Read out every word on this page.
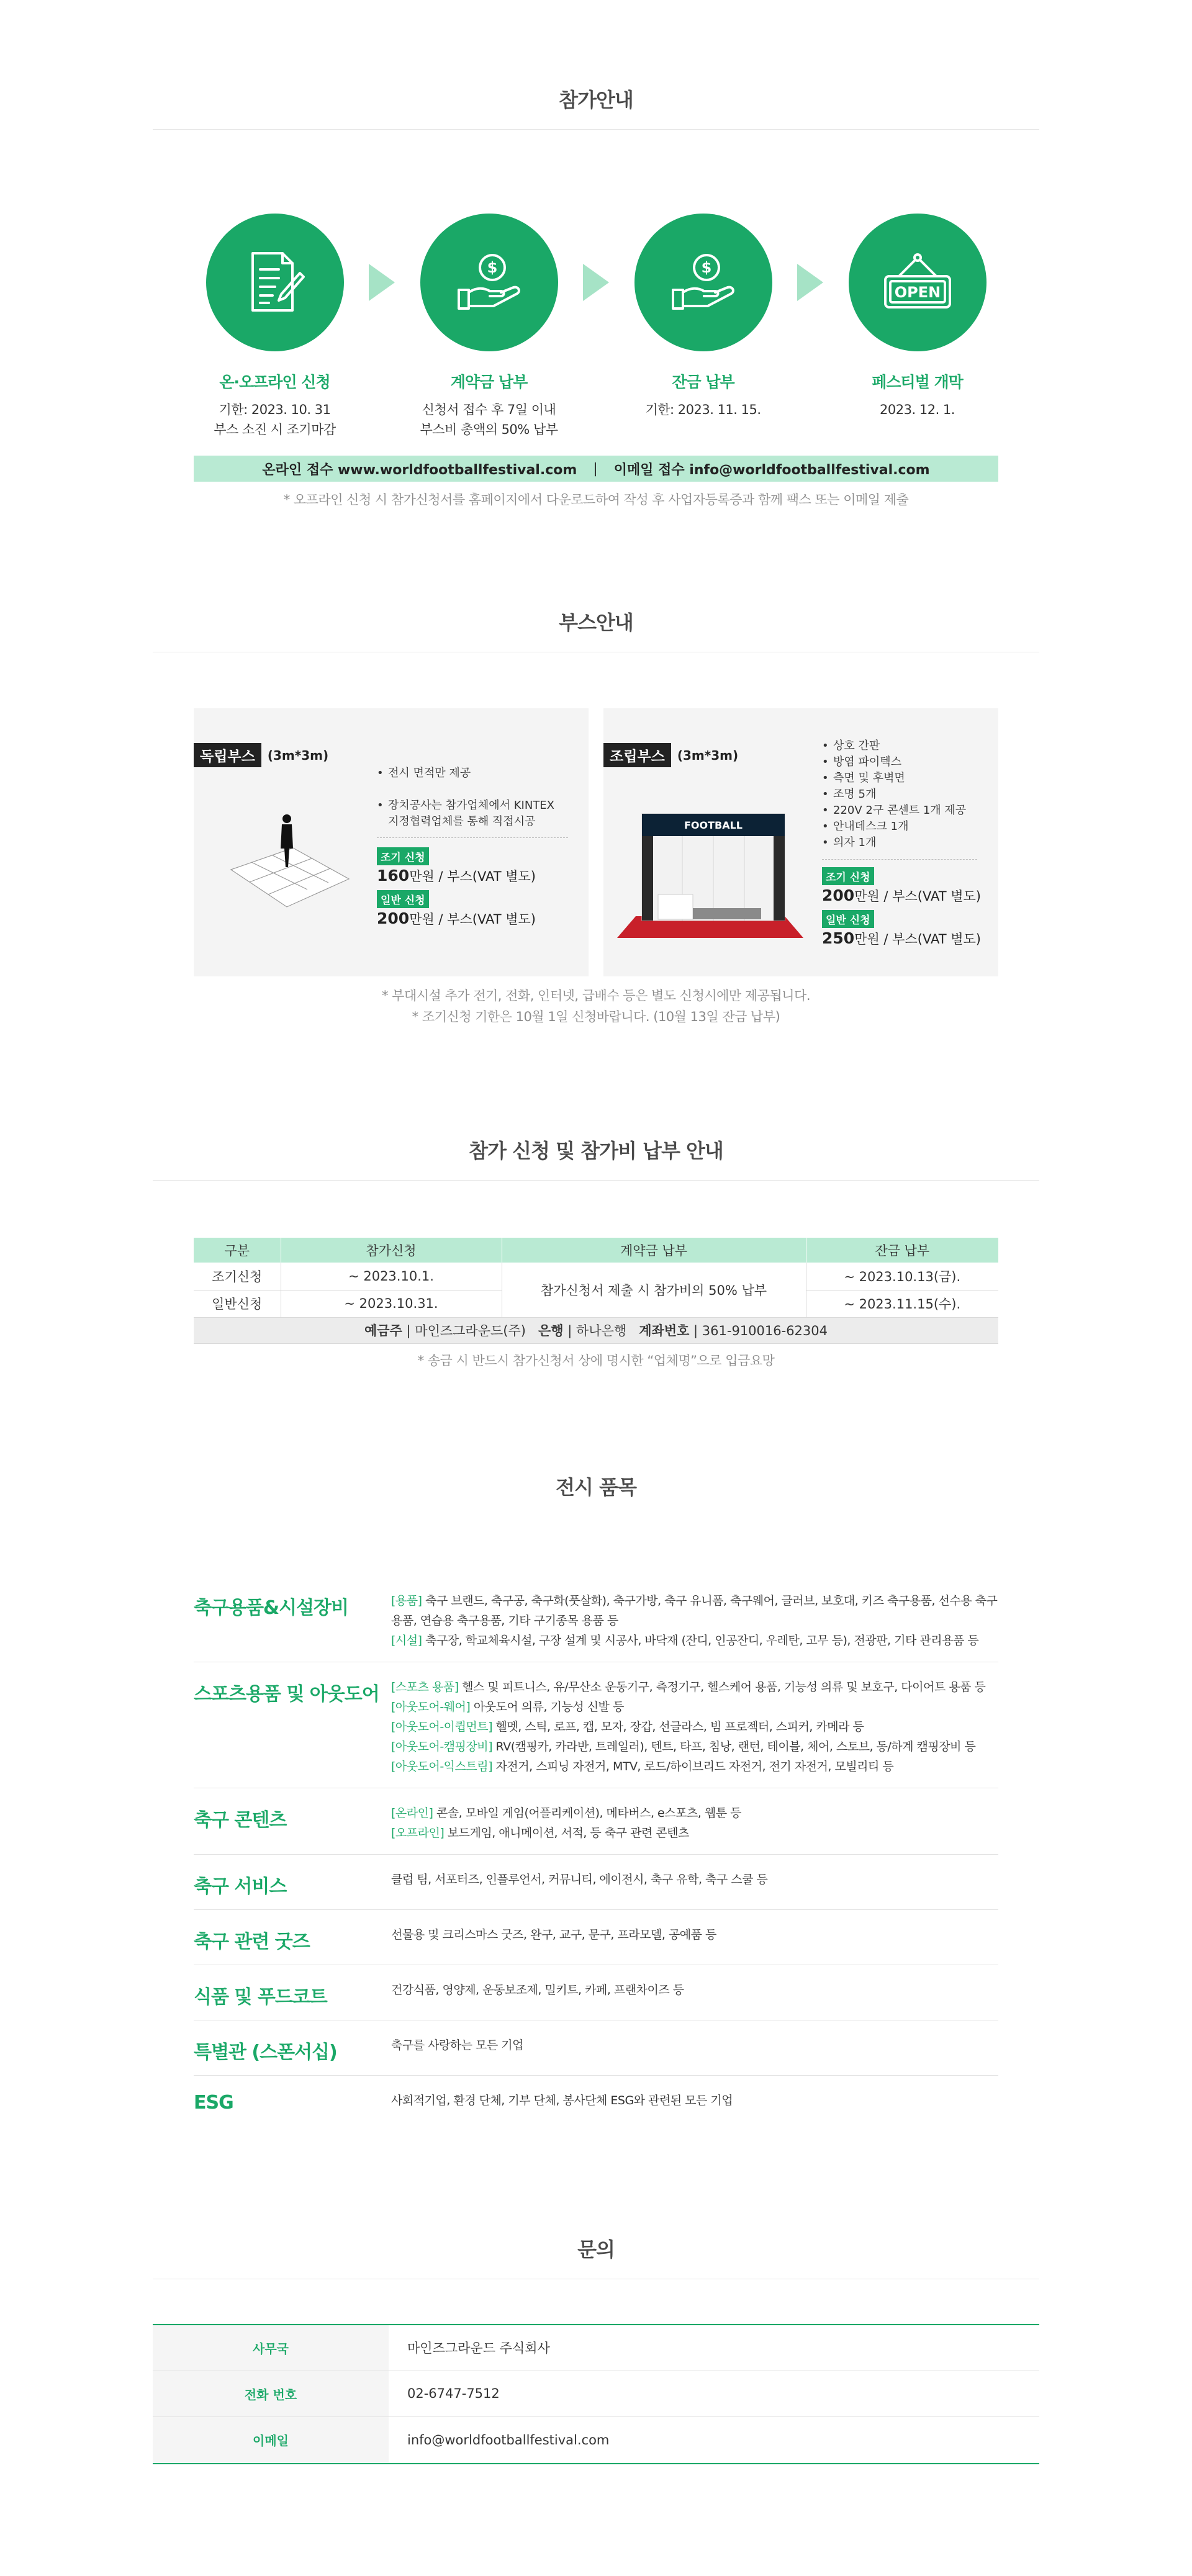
참가안내
온·오프라인 신청
기한: 2023. 10. 31
부스 소진 시 조기마감
$
계약금 납부
신청서 접수 후 7일 이내
부스비 총액의 50% 납부
$
잔금 납부
기한: 2023. 11. 15.
OPEN
페스티벌 개막
2023. 12. 1.
온라인 접수 www.worldfootballfestival.com | 이메일 접수 info@worldfootballfestival.com

* 오프라인 신청 시 참가신청서를 홈페이지에서 다운로드하여 작성 후 사업자등록증과 함께 팩스 또는 이메일 제출

부스안내
독립부스	(3m*3m)

• 전시 면적만 제공

• 장치공사는 참가업체에서 KINTEX
지정협력업체를 통해 직접시공

조기 신청
160만원 / 부스(VAT 별도)
일반 신청
200만원 / 부스(VAT 별도)
조립부스	(3m*3m)
• 상호 간판
• 방염 파이텍스
• 측면 및 후벽면
• 조명 5개
• 220V 2구 콘센트 1개 제공
• 안내데스크 1개
• 의자 1개
FOOTBALL
조기 신청
200만원 / 부스(VAT 별도)
일반 신청
250만원 / 부스(VAT 별도)

* 부대시설 추가 전기, 전화, 인터넷, 급배수 등은 별도 신청시에만 제공됩니다.

* 조기신청 기한은 10월 1일 신청바랍니다. (10월 13일 잔금 납부)

참가 신청 및 참가비 납부 안내
구분	참가신청	계약금 납부	잔금 납부
조기신청	~ 2023.10.1.	참가신청서 제출 시 참가비의 50% 납부	~ 2023.10.13(금).
일반신청	~ 2023.10.31.		~ 2023.11.15(수).
예금주 | 마인즈그라운드(주) 은행 | 하나은행 계좌번호 | 361-910016-62304			

* 송금 시 반드시 참가신청서 상에 명시한 “업체명”으로 입금요망

전시 품목
축구용품&시설장비	[용품] 축구 브랜드, 축구공, 축구화(풋살화), 축구가방, 축구 유니폼, 축구웨어, 글러브, 보호대, 키즈 축구용품, 선수용 축구
용품, 연습용 축구용품, 기타 구기종목 용품 등
[시설] 축구장, 학교체육시설, 구장 설계 및 시공사, 바닥재 (잔디, 인공잔디, 우레탄, 고무 등), 전광판, 기타 관리용품 등
스포츠용품 및 아웃도어	[스포츠 용품] 헬스 및 피트니스, 유/무산소 운동기구, 측정기구, 헬스케어 용품, 기능성 의류 및 보호구, 다이어트 용품 등
[아웃도어-웨어] 아웃도어 의류, 기능성 신발 등
[아웃도어-이큅먼트] 헬멧, 스틱, 로프, 캡, 모자, 장갑, 선글라스, 빔 프로젝터, 스피커, 카메라 등
[아웃도어-캠핑장비] RV(캠핑카, 카라반, 트레일러), 텐트, 타프, 침낭, 랜턴, 테이블, 체어, 스토브, 동/하계 캠핑장비 등
[아웃도어-익스트림] 자전거, 스피닝 자전거, MTV, 로드/하이브리드 자전거, 전기 자전거, 모빌리티 등
축구 콘텐츠	[온라인] 콘솔, 모바일 게임(어플리케이션), 메타버스, e스포츠, 웹툰 등
[오프라인] 보드게임, 애니메이션, 서적, 등 축구 관련 콘텐츠
축구 서비스	클럽 팀, 서포터즈, 인플루언서, 커뮤니티, 에이전시, 축구 유학, 축구 스쿨 등
축구 관련 굿즈	선물용 및 크리스마스 굿즈, 완구, 교구, 문구, 프라모델, 공예품 등
식품 및 푸드코트	건강식품, 영양제, 운동보조제, 밀키트, 카페, 프랜차이즈 등
특별관 (스폰서십)	축구를 사랑하는 모든 기업
ESG	사회적기업, 환경 단체, 기부 단체, 봉사단체 ESG와 관련된 모든 기업
문의
사무국	마인즈그라운드 주식회사
전화 번호	02-6747-7512
이메일	info@worldfootballfestival.com
